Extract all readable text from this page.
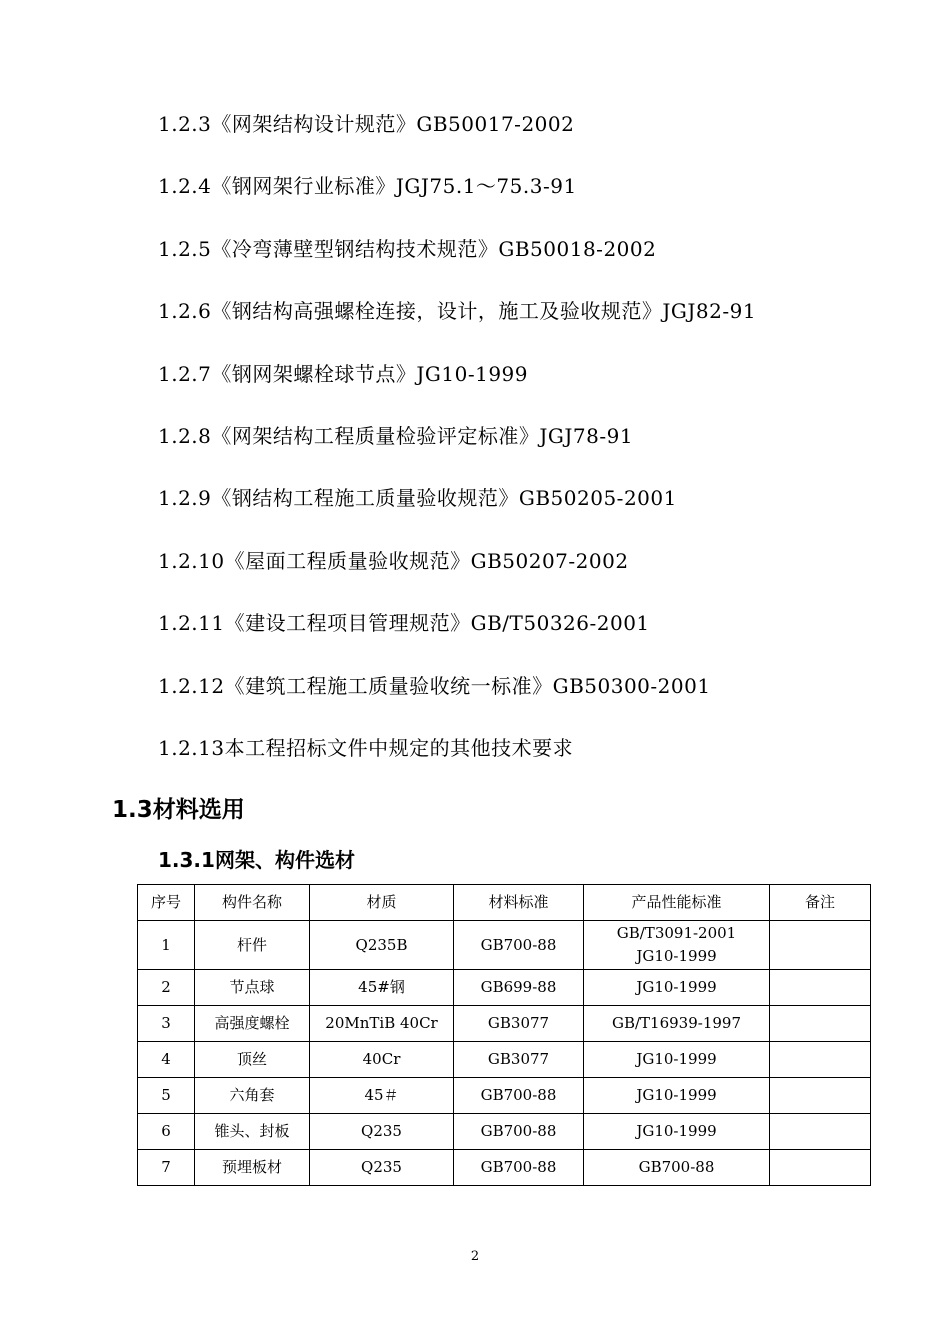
1.2.3《网架结构设计规范》GB50017-2002
1.2.4《钢网架行业标准》JGJ75.1～75.3-91
1.2.5《冷弯薄壁型钢结构技术规范》GB50018-2002
1.2.6《钢结构高强螺栓连接，设计，施工及验收规范》JGJ82-91
1.2.7《钢网架螺栓球节点》JG10-1999
1.2.8《网架结构工程质量检验评定标准》JGJ78-91
1.2.9《钢结构工程施工质量验收规范》GB50205-2001
1.2.10《屋面工程质量验收规范》GB50207-2002
1.2.11《建设工程项目管理规范》GB/T50326-2001
1.2.12《建筑工程施工质量验收统一标准》GB50300-2001
1.2.13本工程招标文件中规定的其他技术要求
1.3材料选用
1.3.1网架、构件选材
序号	构件名称	材质	材料标准	产品性能标准	备注
1	杆件	Q235B	GB700-88	GB/T3091-2001
JG10-1999	

2	节点球	45#钢	GB699-88	JG10-1999	
3	高强度螺栓	20MnTiB 40Cr	GB3077	GB/T16939-1997	
4	顶丝	40Cr	GB3077	JG10-1999	
5	六角套	45＃	GB700-88	JG10-1999	
6	锥头、封板	Q235	GB700-88	JG10-1999	
7	预埋板材	Q235	GB700-88	GB700-88	
2
